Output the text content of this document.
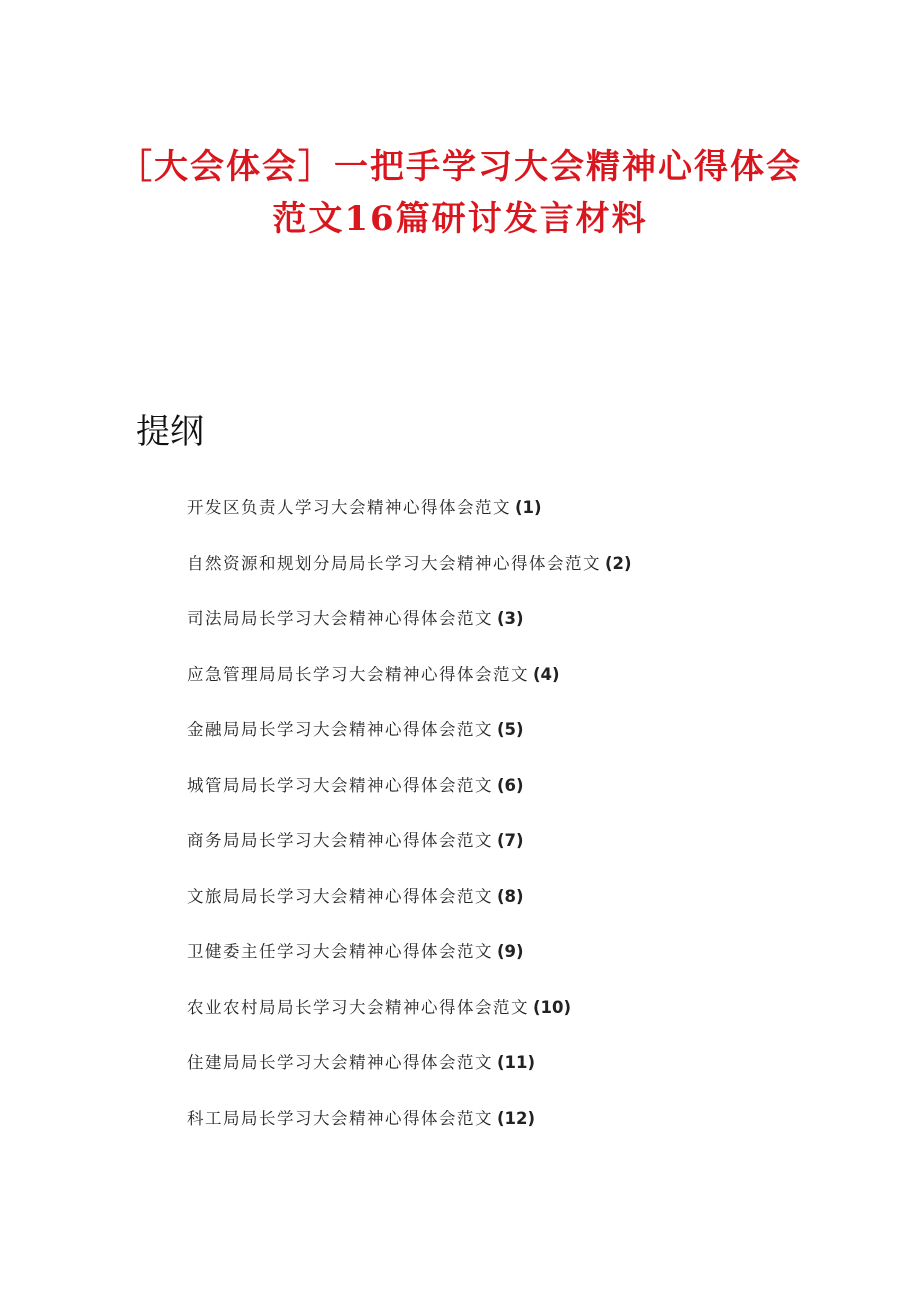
［大会体会］一把手学习大会精神心得体会
范文16篇研讨发言材料
提纲
开发区负责人学习大会精神心得体会范文 (1)
自然资源和规划分局局长学习大会精神心得体会范文 (2)
司法局局长学习大会精神心得体会范文 (3)
应急管理局局长学习大会精神心得体会范文 (4)
金融局局长学习大会精神心得体会范文 (5)
城管局局长学习大会精神心得体会范文 (6)
商务局局长学习大会精神心得体会范文 (7)
文旅局局长学习大会精神心得体会范文 (8)
卫健委主任学习大会精神心得体会范文 (9)
农业农村局局长学习大会精神心得体会范文 (10)
住建局局长学习大会精神心得体会范文 (11)
科工局局长学习大会精神心得体会范文 (12)
